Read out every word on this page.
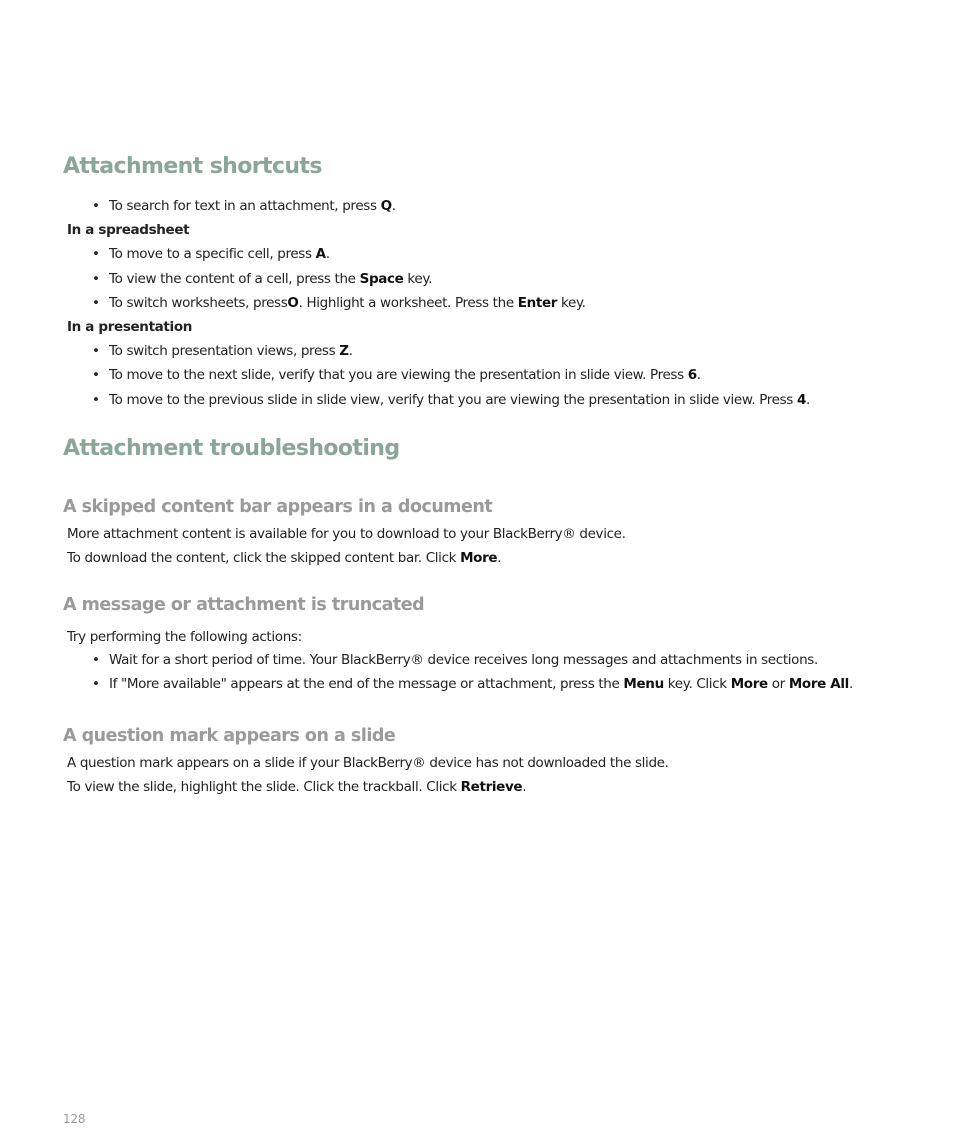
Attachment shortcuts

• To search for text in an attachment, press Q.

In a spreadsheet

• To move to a specific cell, press A.

• To view the content of a cell, press the Space key.

• To switch worksheets, pressO. Highlight a worksheet. Press the Enter key.

In a presentation

• To switch presentation views, press Z.

• To move to the next slide, verify that you are viewing the presentation in slide view. Press 6.

• To move to the previous slide in slide view, verify that you are viewing the presentation in slide view. Press 4.

Attachment troubleshooting
A skipped content bar appears in a document

More attachment content is available for you to download to your BlackBerry® device.

To download the content, click the skipped content bar. Click More.

A message or attachment is truncated

Try performing the following actions:

• Wait for a short period of time. Your BlackBerry® device receives long messages and attachments in sections.

• If "More available" appears at the end of the message or attachment, press the Menu key. Click More or More All.

A question mark appears on a slide

A question mark appears on a slide if your BlackBerry® device has not downloaded the slide.

To view the slide, highlight the slide. Click the trackball. Click Retrieve.

128
